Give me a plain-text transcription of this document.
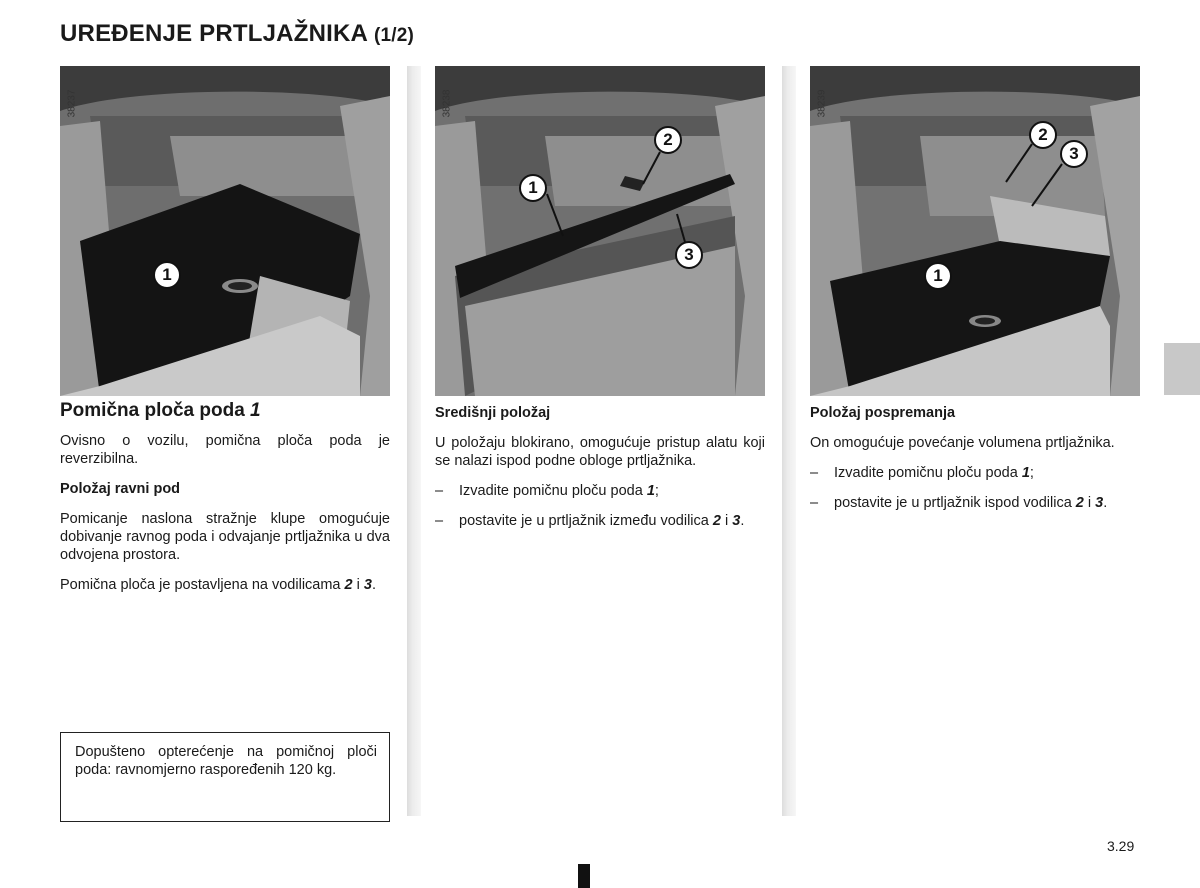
UREĐENJE PRTLJAŽNIKA (1/2)
38237
1
38238
2
1
3
38239
2
3
1
Pomična ploča poda 1

Ovisno o vozilu, pomična ploča poda je reverzibilna.

Položaj ravni pod

Pomicanje naslona stražnje klupe omogućuje dobivanje ravnog poda i odvajanje prtljažnika u dva odvojena prostora.

Pomična ploča je postavljena na vodilicama 2 i 3.

Dopušteno opterećenje na pomičnoj ploči poda: ravnomjerno raspoređenih 120 kg.
Središnji položaj

U položaju blokirano, omogućuje pristup alatu koji se nalazi ispod podne obloge prtljažnika.

–	Izvadite pomičnu ploču poda 1;
–	postavite je u prtljažnik između vodilica 2 i 3.
Položaj pospremanja

On omogućuje povećanje volumena prtljažnika.

–	Izvadite pomičnu ploču poda 1;
–	postavite je u prtljažnik ispod vodilica 2 i 3.
3.29
